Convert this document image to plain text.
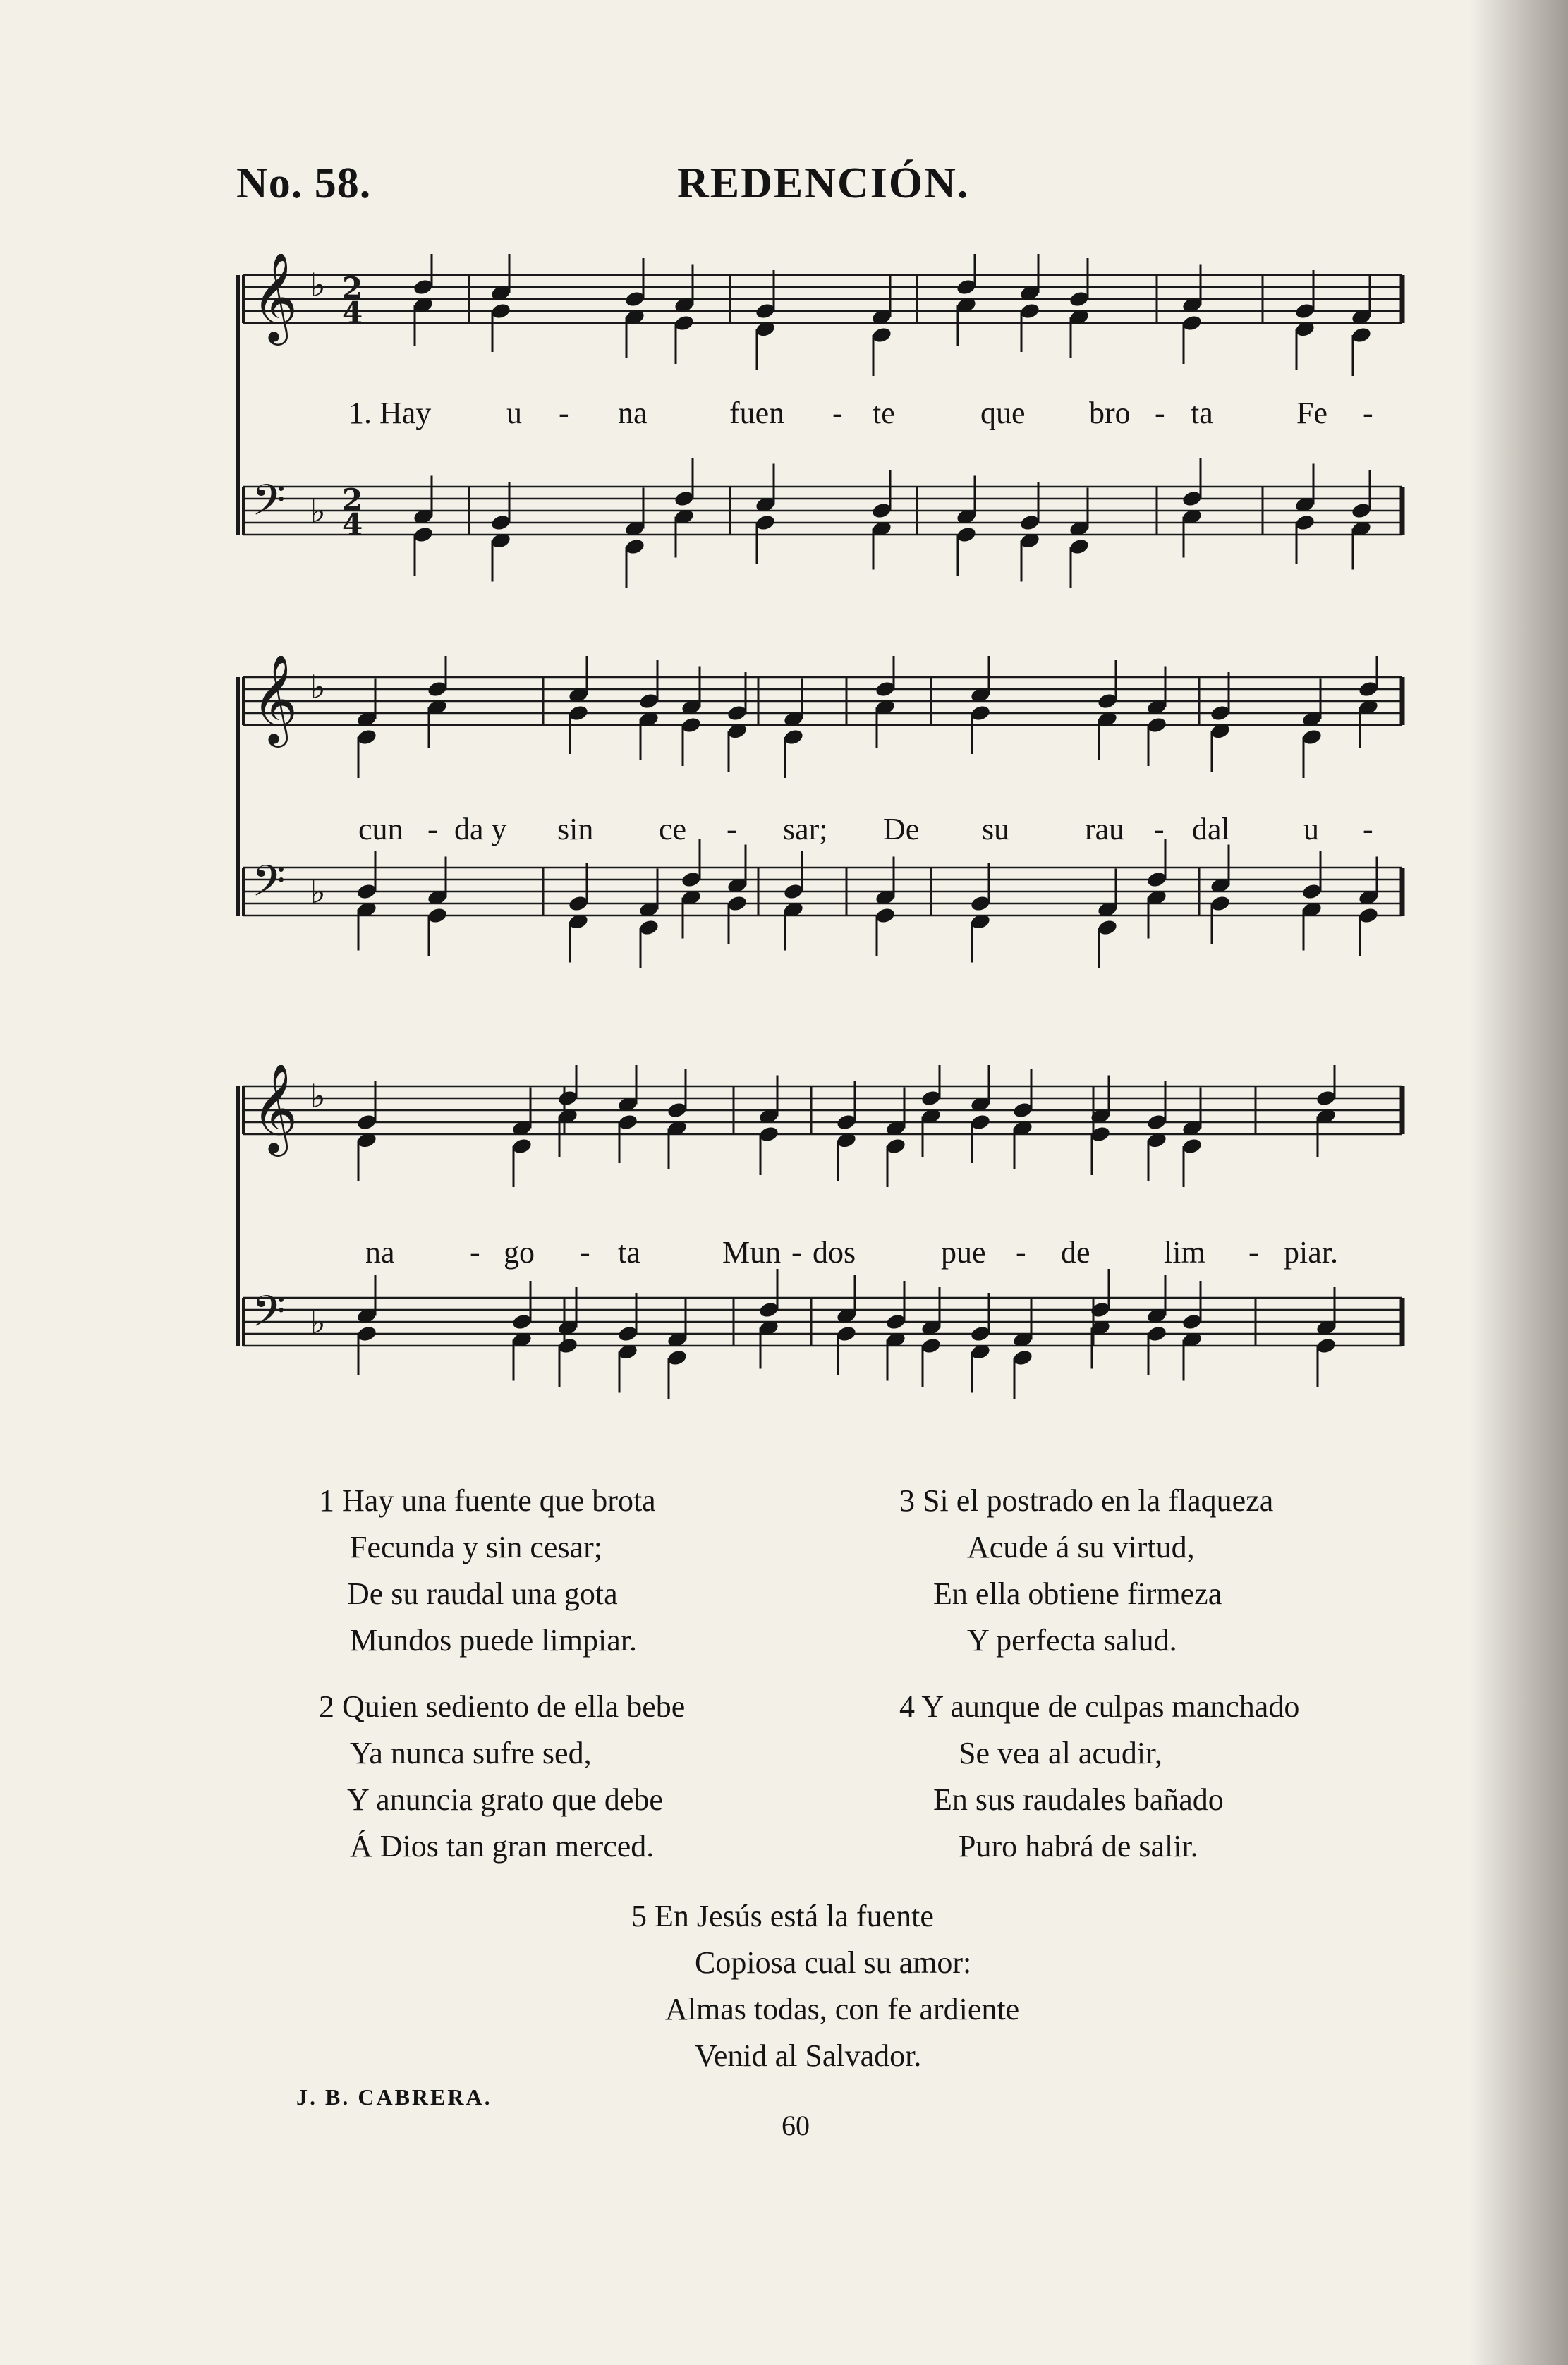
No. 58.	REDENCIÓN.
𝄞 ♭ 2
4
𝄢 ♭ 2
4
1. Hay u - na	fuen - te	que bro - ta	Fe -
𝄞 ♭
𝄢 ♭
cun - da y sin ce - sar; De su rau - dal u -
𝄞 ♭
𝄢 ♭
na - go - ta	Mun - dos	pue - de lim - piar.
1 Hay una fuente que brota
Fecunda y sin cesar;
De su raudal una gota
Mundos puede limpiar.
2 Quien sediento de ella bebe
Ya nunca sufre sed,
Y anuncia grato que debe
Á Dios tan gran merced.
3 Si el postrado en la flaqueza
Acude á su virtud,
En ella obtiene firmeza
Y perfecta salud.
4 Y aunque de culpas manchado
Se vea al acudir,
En sus raudales bañado
Puro habrá de salir.
5 En Jesús está la fuente
Copiosa cual su amor:
Almas todas, con fe ardiente
Venid al Salvador.
J. B. CABRERA.
60
